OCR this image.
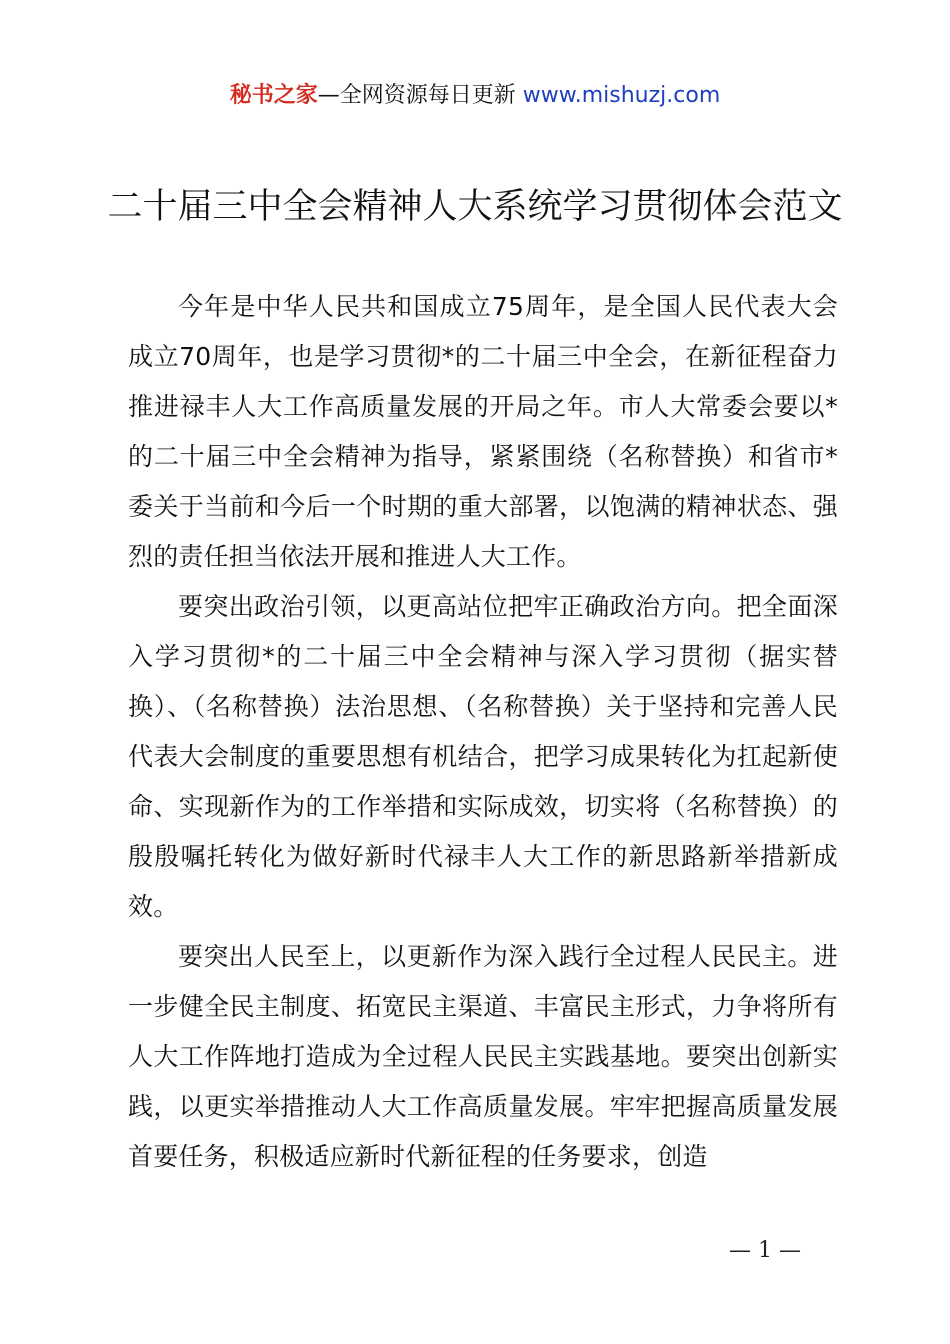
秘书之家—全网资源每日更新 www.mishuzj.com
二十届三中全会精神人大系统学习贯彻体会范文

今年是中华人民共和国成立75周年，是全国人民代表大会成立70周年，也是学习贯彻*的二十届三中全会，在新征程奋力推进禄丰人大工作高质量发展的开局之年。市人大常委会要以*的二十届三中全会精神为指导，紧紧围绕（名称替换）和省市*委关于当前和今后一个时期的重大部署，以饱满的精神状态、强烈的责任担当依法开展和推进人大工作。

要突出政治引领，以更高站位把牢正确政治方向。把全面深入学习贯彻*的二十届三中全会精神与深入学习贯彻（据实替换）、（名称替换）法治思想、（名称替换）关于坚持和完善人民代表大会制度的重要思想有机结合，把学习成果转化为扛起新使命、实现新作为的工作举措和实际成效，切实将（名称替换）的殷殷嘱托转化为做好新时代禄丰人大工作的新思路新举措新成效。

要突出人民至上，以更新作为深入践行全过程人民民主。进一步健全民主制度、拓宽民主渠道、丰富民主形式，力争将所有人大工作阵地打造成为全过程人民民主实践基地。要突出创新实践，以更实举措推动人大工作高质量发展。牢牢把握高质量发展首要任务，积极适应新时代新征程的任务要求，创造

— 1 —
